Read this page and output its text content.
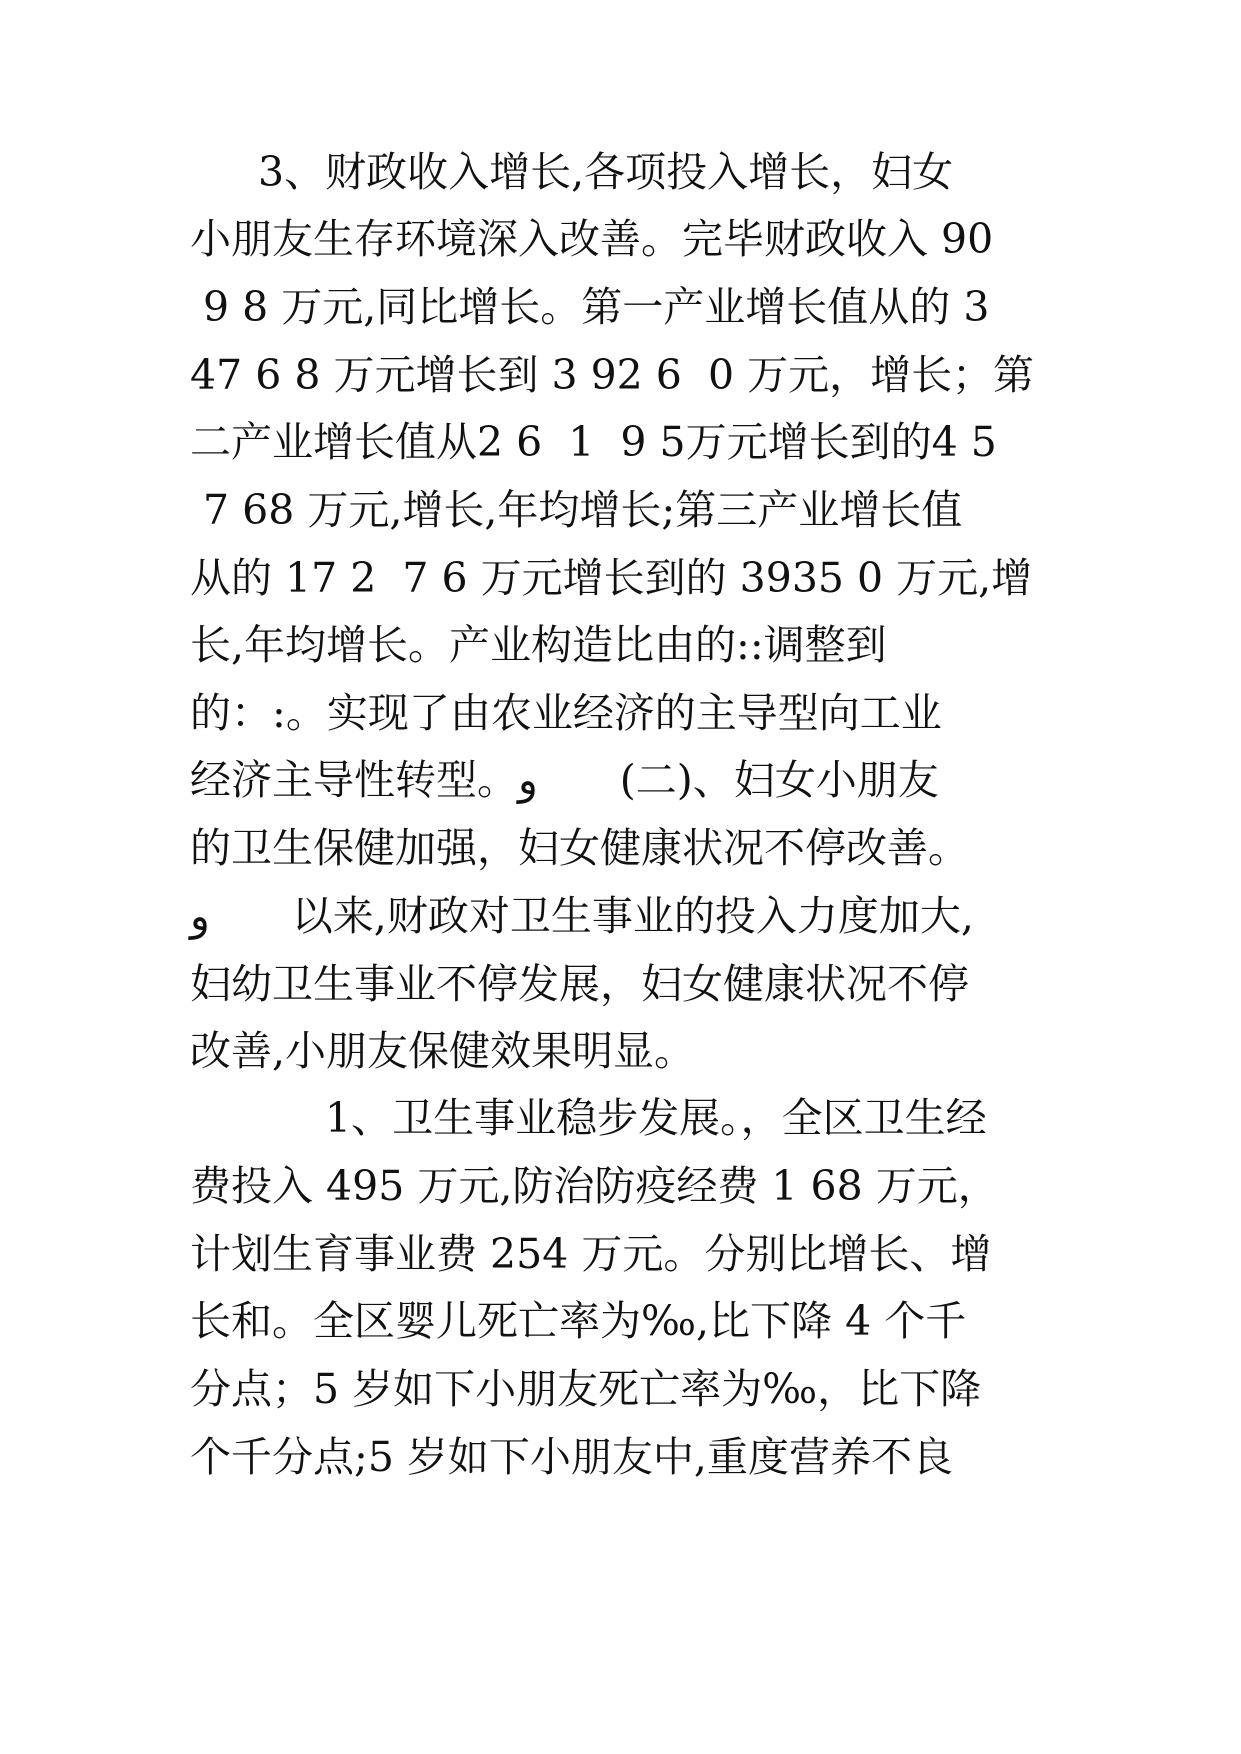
3、财政收入增长,各项投入增长，妇女
小朋友生存环境深入改善。完毕财政收入 90
9 8 万元,同比增长。第一产业增长值从的 3
47 6 8 万元增长到 3 92 6  0 万元，增长；第
二产业增长值从2 6  1  9 5万元增长到的4 5
7 68 万元,增长,年均增长;第三产业增长值
从的 17 2  7 6 万元增长到的 3935 0 万元,增
长,年均增长。产业构造比由的::调整到
的：:。实现了由农业经济的主导型向工业
经济主导性转型。و　　(二)、妇女小朋友
的卫生保健加强，妇女健康状况不停改善。
و　　以来,财政对卫生事业的投入力度加大,
妇幼卫生事业不停发展，妇女健康状况不停
改善,小朋友保健效果明显。
1、卫生事业稳步发展。，全区卫生经
费投入 495 万元,防治防疫经费 1 68 万元，
计划生育事业费 254 万元。分别比增长、增
长和。全区婴儿死亡率为‰,比下降 4 个千
分点；5 岁如下小朋友死亡率为‰，比下降
个千分点;5 岁如下小朋友中,重度营养不良
